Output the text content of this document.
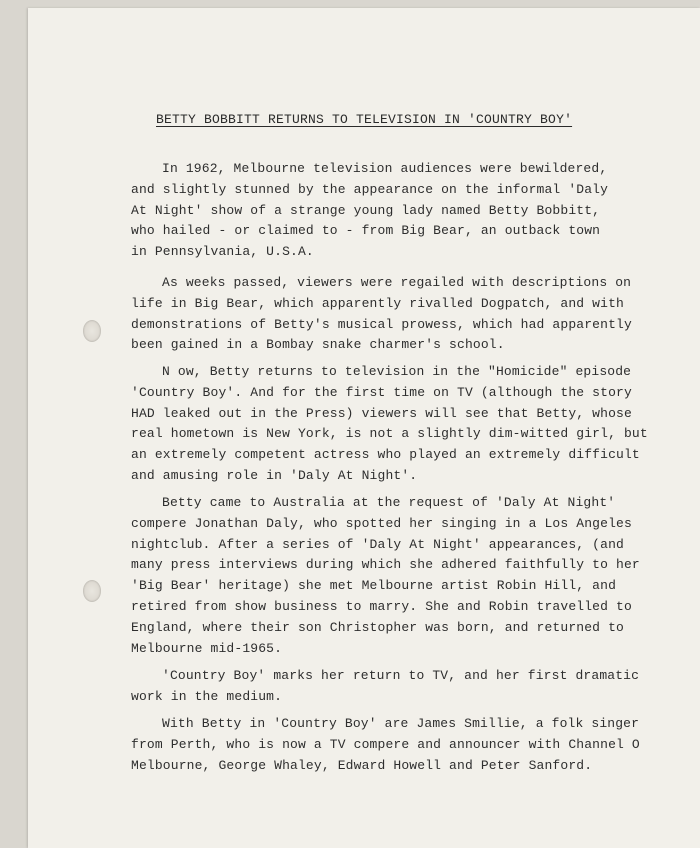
BETTY BOBBITT RETURNS TO TELEVISION IN 'COUNTRY BOY'
In 1962, Melbourne television audiences were bewildered,
and slightly stunned by the appearance on the informal 'Daly
At Night' show of a strange young lady named Betty Bobbitt,
who hailed - or claimed to - from Big Bear, an outback town
in Pennsylvania, U.S.A.
As weeks passed, viewers were regailed with descriptions on
life in Big Bear, which apparently rivalled Dogpatch, and with
demonstrations of Betty's musical prowess, which had apparently
been gained in a Bombay snake charmer's school.
N ow, Betty returns to television in the "Homicide" episode
'Country Boy'. And for the first time on TV (although the story
HAD leaked out in the Press) viewers will see that Betty, whose
real hometown is New York, is not a slightly dim-witted girl, but
an extremely competent actress who played an extremely difficult
and amusing role in 'Daly At Night'.
Betty came to Australia at the request of 'Daly At Night'
compere Jonathan Daly, who spotted her singing in a Los Angeles
nightclub. After a series of 'Daly At Night' appearances, (and
many press interviews during which she adhered faithfully to her
'Big Bear' heritage) she met Melbourne artist Robin Hill, and
retired from show business to marry. She and Robin travelled to
England, where their son Christopher was born, and returned to
Melbourne mid-1965.
'Country Boy' marks her return to TV, and her first dramatic
work in the medium.
With Betty in 'Country Boy' are James Smillie, a folk singer
from Perth, who is now a TV compere and announcer with Channel O
Melbourne, George Whaley, Edward Howell and Peter Sanford.
